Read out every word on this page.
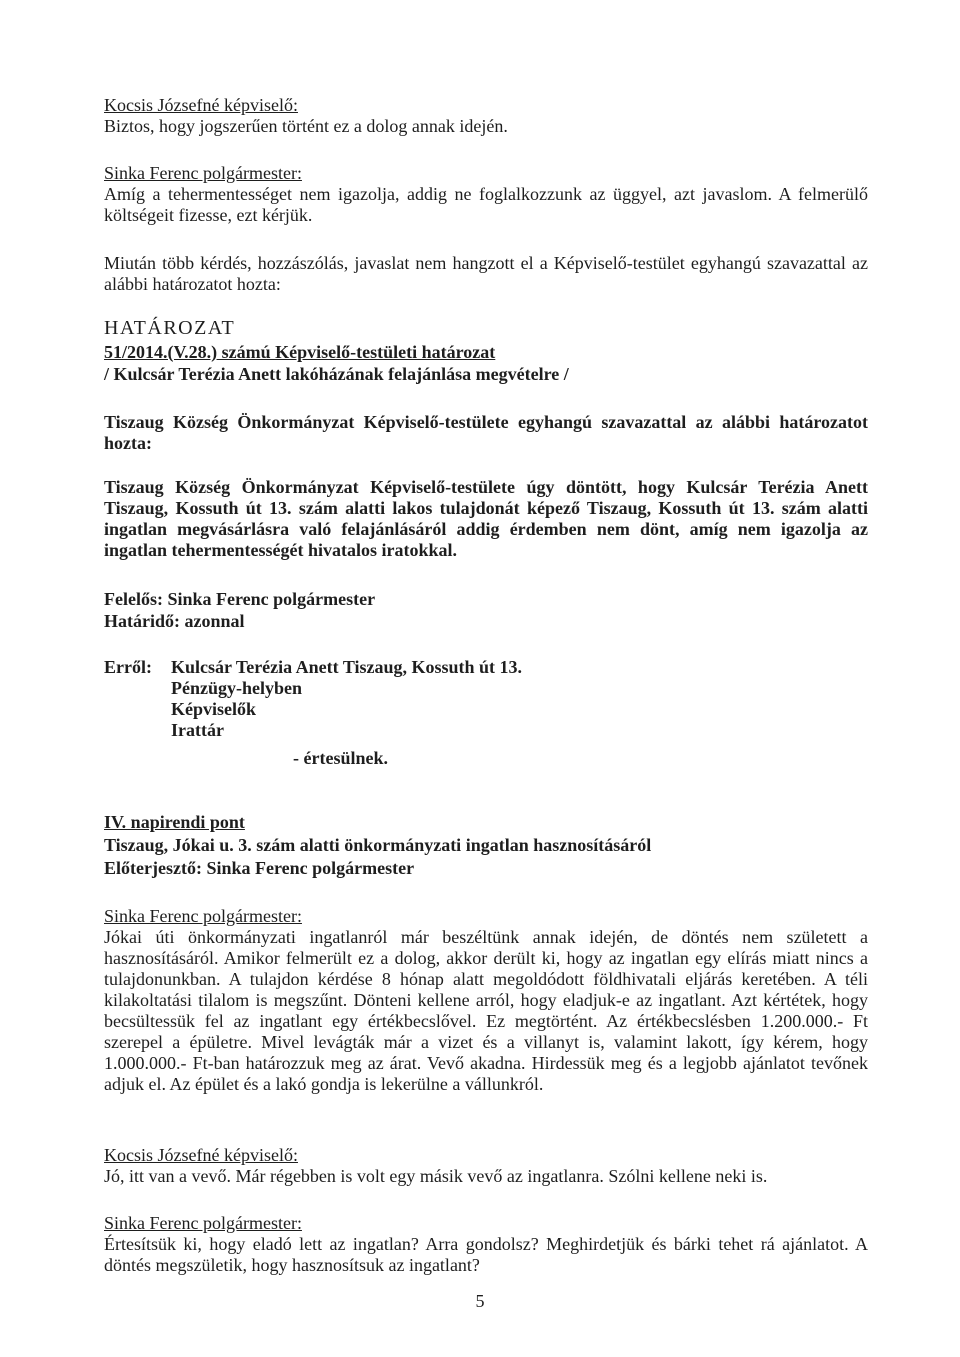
Kocsis Józsefné képviselő:

Biztos, hogy jogszerűen történt ez a dolog annak idején.

Sinka Ferenc polgármester:

Amíg a tehermentességet nem igazolja, addig ne foglalkozzunk az üggyel, azt javaslom. A felmerülő költségeit fizesse, ezt kérjük.

Miután több kérdés, hozzászólás, javaslat nem hangzott el a Képviselő-testület egyhangú szavazattal az alábbi határozatot hozta:

HATÁROZAT
51/2014.(V.28.) számú Képviselő-testületi határozat
/ Kulcsár Terézia Anett lakóházának felajánlása megvételre /

Tiszaug Község Önkormányzat Képviselő-testülete egyhangú szavazattal az alábbi határozatot hozta:

Tiszaug Község Önkormányzat Képviselő-testülete úgy döntött, hogy Kulcsár Terézia Anett Tiszaug, Kossuth út 13. szám alatti lakos tulajdonát képező Tiszaug, Kossuth út 13. szám alatti ingatlan megvásárlásra való felajánlásáról addig érdemben nem dönt, amíg nem igazolja az ingatlan tehermentességét hivatalos iratokkal.

Felelős: Sinka Ferenc polgármester
Határidő: azonnal
Erről: Kulcsár Terézia Anett Tiszaug, Kossuth út 13.
Pénzügy-helyben
Képviselők
Irattár
- értesülnek.
IV. napirendi pont
Tiszaug, Jókai u. 3. szám alatti önkormányzati ingatlan hasznosításáról
Előterjesztő: Sinka Ferenc polgármester
Sinka Ferenc polgármester:

Jókai úti önkormányzati ingatlanról már beszéltünk annak idején, de döntés nem született a hasznosításáról. Amikor felmerült ez a dolog, akkor derült ki, hogy az ingatlan egy elírás miatt nincs a tulajdonunkban. A tulajdon kérdése 8 hónap alatt megoldódott földhivatali eljárás keretében. A téli kilakoltatási tilalom is megszűnt. Dönteni kellene arról, hogy eladjuk-e az ingatlant. Azt kértétek, hogy becsültessük fel az ingatlant egy értékbecslővel. Ez megtörtént. Az értékbecslésben 1.200.000.- Ft szerepel a épületre. Mivel levágták már a vizet és a villanyt is, valamint lakott, így kérem, hogy 1.000.000.- Ft-ban határozzuk meg az árat. Vevő akadna. Hirdessük meg és a legjobb ajánlatot tevőnek adjuk el. Az épület és a lakó gondja is lekerülne a vállunkról.

Kocsis Józsefné képviselő:

Jó, itt van a vevő. Már régebben is volt egy másik vevő az ingatlanra. Szólni kellene neki is.

Sinka Ferenc polgármester:

Értesítsük ki, hogy eladó lett az ingatlan? Arra gondolsz? Meghirdetjük és bárki tehet rá ajánlatot. A döntés megszületik, hogy hasznosítsuk az ingatlant?

5
